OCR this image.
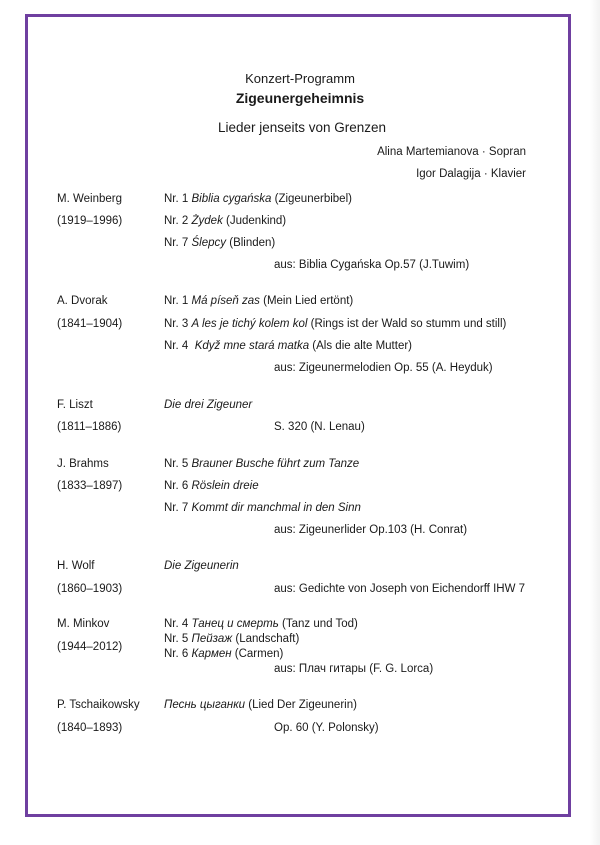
Konzert-Programm
Zigeunergeheimnis
Lieder jenseits von Grenzen
Alina Martemianova · Sopran
Igor Dalagija · Klavier
M. Weinberg
(1919–1996)
Nr. 1 Biblia cygańska (Zigeunerbibel)
Nr. 2 Żydek (Judenkind)
Nr. 7 Ślepcy (Blinden)
aus: Biblia Cygańska Op.57 (J.Tuwim)
A. Dvorak
(1841–1904)
Nr. 1 Má píseň zas (Mein Lied ertönt)
Nr. 3 A les je tichý kolem kol (Rings ist der Wald so stumm und still)
Nr. 4 Když mne stará matka (Als die alte Mutter)
aus: Zigeunermelodien Op. 55 (A. Heyduk)
F. Liszt
(1811–1886)
Die drei Zigeuner
S. 320 (N. Lenau)
J. Brahms
(1833–1897)
Nr. 5 Brauner Busche führt zum Tanze
Nr. 6 Röslein dreie
Nr. 7 Kommt dir manchmal in den Sinn
aus: Zigeunerlider Op.103 (H. Conrat)
H. Wolf
(1860–1903)
Die Zigeunerin
aus: Gedichte von Joseph von Eichendorff IHW 7
M. Minkov
(1944–2012)
Nr. 4 Танец и смерть (Tanz und Tod)
Nr. 5 Пейзаж (Landschaft)
Nr. 6 Кармен (Carmen)
aus: Плач гитары (F. G. Lorca)
P. Tschaikowsky
(1840–1893)
Песнь цыганки (Lied Der Zigeunerin)
Op. 60 (Y. Polonsky)
